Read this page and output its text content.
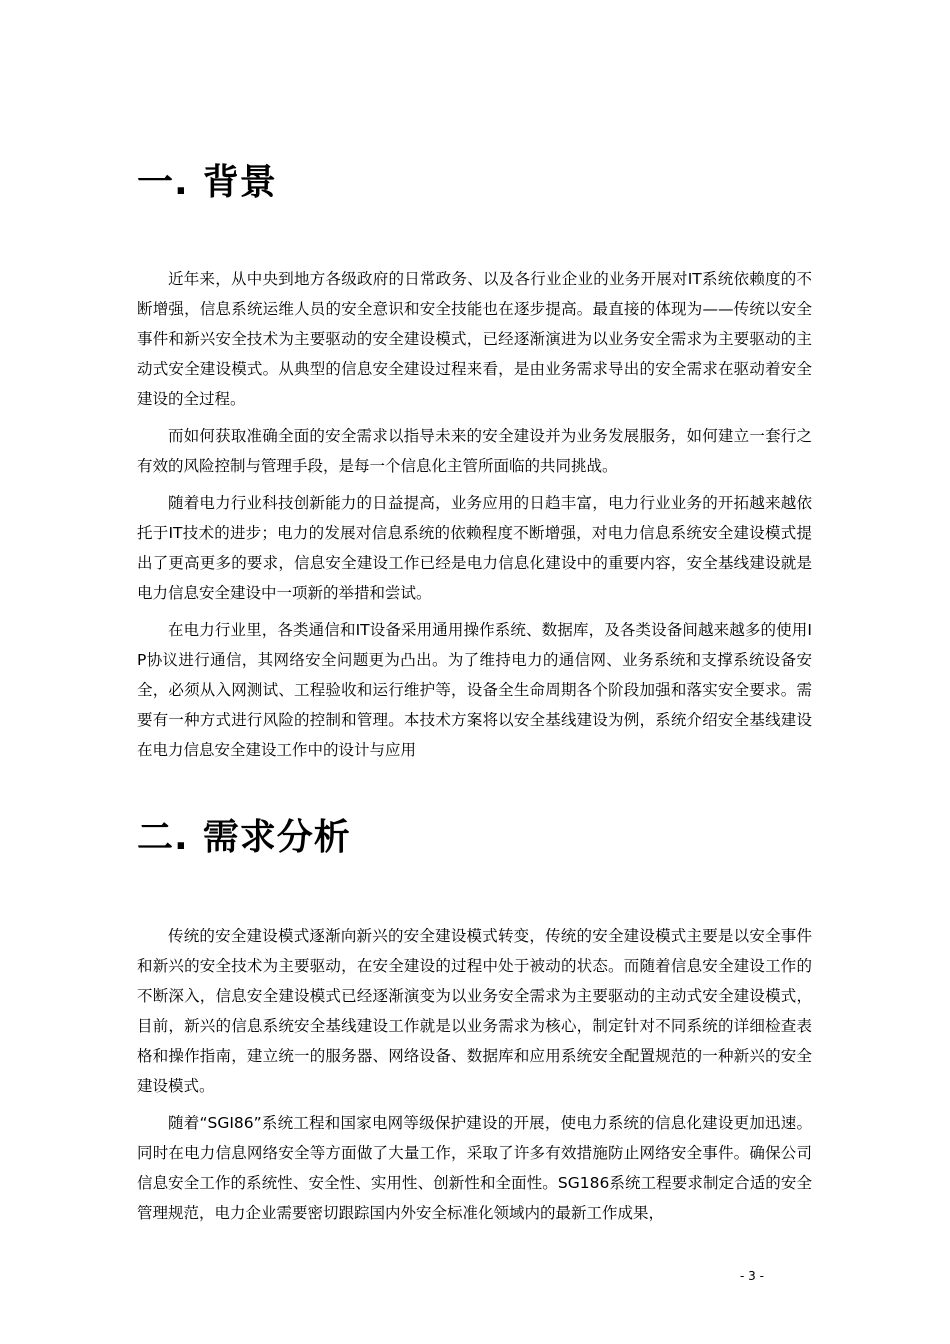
一. 背景

近年来，从中央到地方各级政府的日常政务、以及各行业企业的业务开展对IT系统依赖度的不断增强，信息系统运维人员的安全意识和安全技能也在逐步提高。最直接的体现为——传统以安全事件和新兴安全技术为主要驱动的安全建设模式，已经逐渐演进为以业务安全需求为主要驱动的主动式安全建设模式。从典型的信息安全建设过程来看，是由业务需求导出的安全需求在驱动着安全建设的全过程。

而如何获取准确全面的安全需求以指导未来的安全建设并为业务发展服务，如何建立一套行之有效的风险控制与管理手段，是每一个信息化主管所面临的共同挑战。

随着电力行业科技创新能力的日益提高，业务应用的日趋丰富，电力行业业务的开拓越来越依托于IT技术的进步；电力的发展对信息系统的依赖程度不断增强，对电力信息系统安全建设模式提出了更高更多的要求，信息安全建设工作已经是电力信息化建设中的重要内容，安全基线建设就是电力信息安全建设中一项新的举措和尝试。

在电力行业里，各类通信和IT设备采用通用操作系统、数据库，及各类设备间越来越多的使用IP协议进行通信，其网络安全问题更为凸出。为了维持电力的通信网、业务系统和支撑系统设备安全，必须从入网测试、工程验收和运行维护等，设备全生命周期各个阶段加强和落实安全要求。需要有一种方式进行风险的控制和管理。本技术方案将以安全基线建设为例，系统介绍安全基线建设在电力信息安全建设工作中的设计与应用

二. 需求分析

传统的安全建设模式逐渐向新兴的安全建设模式转变，传统的安全建设模式主要是以安全事件和新兴的安全技术为主要驱动，在安全建设的过程中处于被动的状态。而随着信息安全建设工作的不断深入，信息安全建设模式已经逐渐演变为以业务安全需求为主要驱动的主动式安全建设模式，目前，新兴的信息系统安全基线建设工作就是以业务需求为核心，制定针对不同系统的详细检查表格和操作指南，建立统一的服务器、网络设备、数据库和应用系统安全配置规范的一种新兴的安全建设模式。

随着“SGI86”系统工程和国家电网等级保护建设的开展，使电力系统的信息化建设更加迅速。同时在电力信息网络安全等方面做了大量工作，采取了许多有效措施防止网络安全事件。确保公司信息安全工作的系统性、安全性、实用性、创新性和全面性。SG186系统工程要求制定合适的安全管理规范，电力企业需要密切跟踪国内外安全标准化领域内的最新工作成果，

- 3 -
